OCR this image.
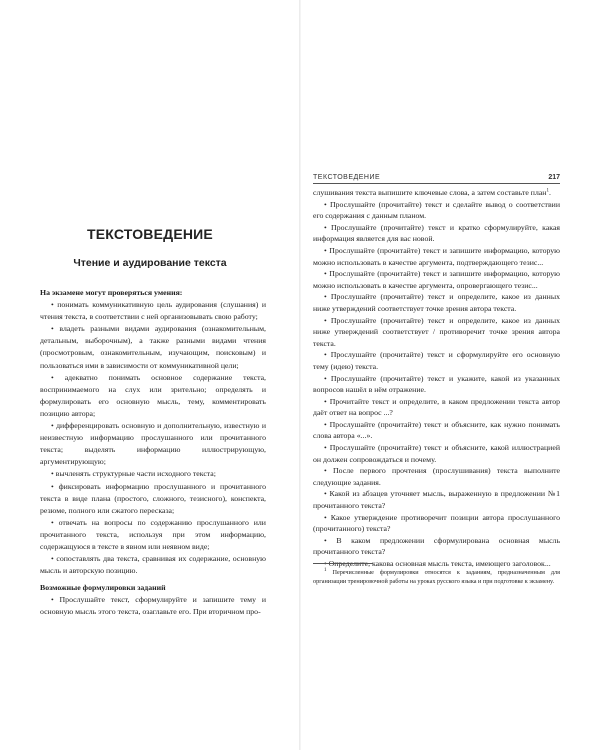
ТЕКСТОВЕДЕНИЕ
Чтение и аудирование текста

На экзамене могут проверяться умения:

• понимать коммуникативную цель аудирования (слушания) и чтения текста, в соответствии с ней организовывать свою работу;

• владеть разными видами аудирования (ознакомительным, детальным, выборочным), а также разными видами чтения (просмотровым, ознакомительным, изучающим, поисковым) и пользоваться ими в зависимости от коммуникативной цели;

• адекватно понимать основное содержание текста, воспринимаемого на слух или зрительно; определять и формулировать его основную мысль, тему, комментировать позицию автора;

• дифференцировать основную и дополнительную, известную и неизвестную информацию прослушанного или прочитанного текста; выделять информацию иллюстрирующую, аргументирующую;

• вычленять структурные части исходного текста;

• фиксировать информацию прослушанного и прочитанного текста в виде плана (простого, сложного, тезисного), конспекта, резюме, полного или сжатого пересказа;

• отвечать на вопросы по содержанию прослушанного или прочитанного текста, используя при этом информацию, содержащуюся в тексте в явном или неявном виде;

• сопоставлять два текста, сравнивая их содержание, основную мысль и авторскую позицию.

Возможные формулировки заданий

• Прослушайте текст, сформулируйте и запишите тему и основную мысль этого текста, озаглавьте его. При вторичном про-

ТЕКСТОВЕДЕНИЕ	217

слушивания текста выпишите ключевые слова, а затем составьте план$^1$.

• Прослушайте (прочитайте) текст и сделайте вывод о соответствии его содержания с данным планом.

• Прослушайте (прочитайте) текст и кратко сформулируйте, какая информация является для вас новой.

• Прослушайте (прочитайте) текст и запишите информацию, которую можно использовать в качестве аргумента, подтверждающего тезис...

• Прослушайте (прочитайте) текст и запишите информацию, которую можно использовать в качестве аргумента, опровергающего тезис...

• Прослушайте (прочитайте) текст и определите, какое из данных ниже утверждений соответствует точке зрения автора текста.

• Прослушайте (прочитайте) текст и определите, какое из данных ниже утверждений соответствует / противоречит точке зрения автора текста.

• Прослушайте (прочитайте) текст и сформулируйте его основную тему (идею) текста.

• Прослушайте (прочитайте) текст и укажите, какой из указанных вопросов нашёл в нём отражение.

• Прочитайте текст и определите, в каком предложении текста автор даёт ответ на вопрос ...?

• Прослушайте (прочитайте) текст и объясните, как нужно понимать слова автора «...».

• Прослушайте (прочитайте) текст и объясните, какой иллюстрацией он должен сопровождаться и почему.

• После первого прочтения (прослушивания) текста выполните следующие задания.

• Какой из абзацев уточняет мысль, выраженную в предложении №1 прочитанного текста?

• Какое утверждение противоречит позиции автора прослушанного (прочитанного) текста?

• В каком предложении сформулирована основная мысль прочитанного текста?

• Определите, какова основная мысль текста, имеющего заголовок...

$^1$ Перечисленные формулировки относятся к заданиям, предназначенным для организации тренировочной работы на уроках русского языка и при подготовке к экзамену.
